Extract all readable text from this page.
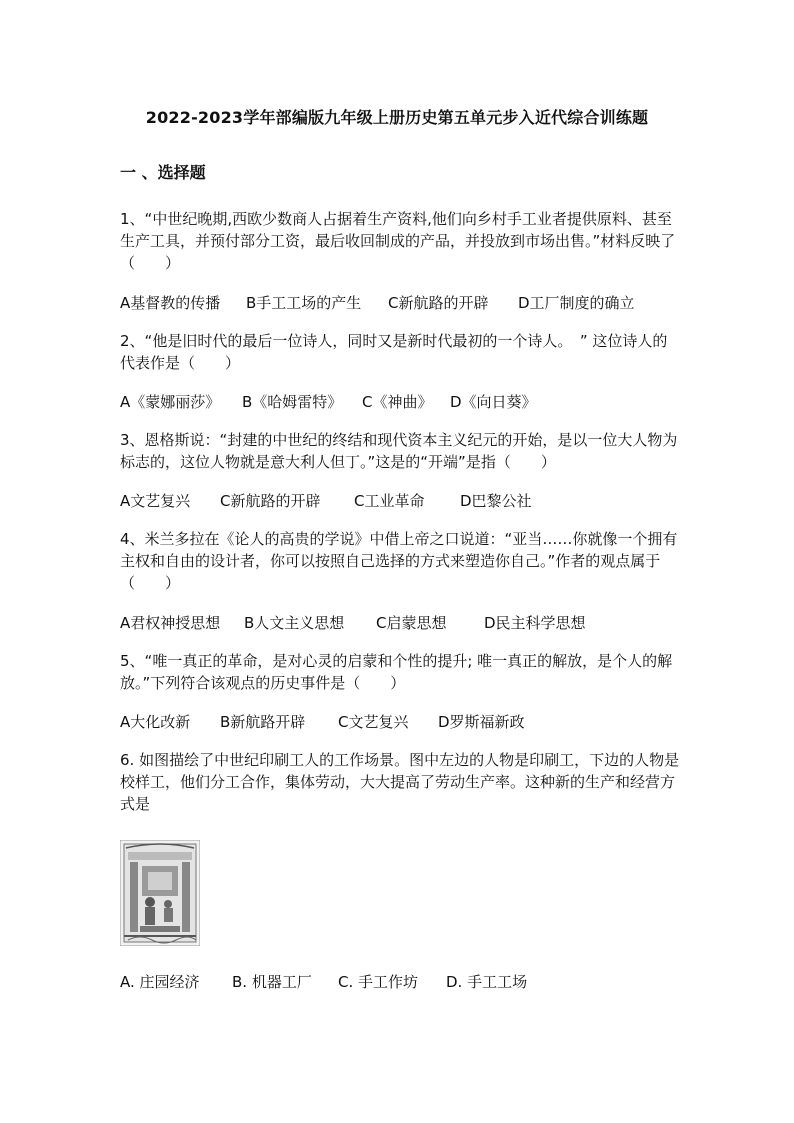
2022-2023学年部编版九年级上册历史第五单元步入近代综合训练题
一 、选择题
1、“中世纪晚期,西欧少数商人占据着生产资料,他们向乡村手工业者提供原料、甚至生产工具，并预付部分工资，最后收回制成的产品，并投放到市场出售。”材料反映了（　　）
A基督教的传播 B手工工场的产生 C新航路的开辟 D工厂制度的确立
2、“他是旧时代的最后一位诗人，同时又是新时代最初的一个诗人。　” 这位诗人的代表作是（　　）
A《蒙娜丽莎》 B《哈姆雷特》 C《神曲》 D《向日葵》
3、恩格斯说：“封建的中世纪的终结和现代资本主义纪元的开始，是以一位大人物为标志的，这位人物就是意大利人但丁。”这是的“开端”是指（　　）
A文艺复兴 C新航路的开辟 C工业革命 D巴黎公社
4、米兰多拉在《论人的高贵的学说》中借上帝之口说道：“亚当……你就像一个拥有主权和自由的设计者，你可以按照自己选择的方式来塑造你自己。”作者的观点属于（　　）
A君权神授思想 B人文主义思想 C启蒙思想	D民主科学思想
5、“唯一真正的革命，是对心灵的启蒙和个性的提升; 唯一真正的解放，是个人的解放。”下列符合该观点的历史事件是（　　）
A大化改新 B新航路开辟 C文艺复兴 D罗斯福新政
6. 如图描绘了中世纪印刷工人的工作场景。图中左边的人物是印刷工，下边的人物是校样工，他们分工合作，集体劳动，大大提高了劳动生产率。这种新的生产和经营方式是
A. 庄园经济 B. 机器工厂 C. 手工作坊 D. 手工工场
